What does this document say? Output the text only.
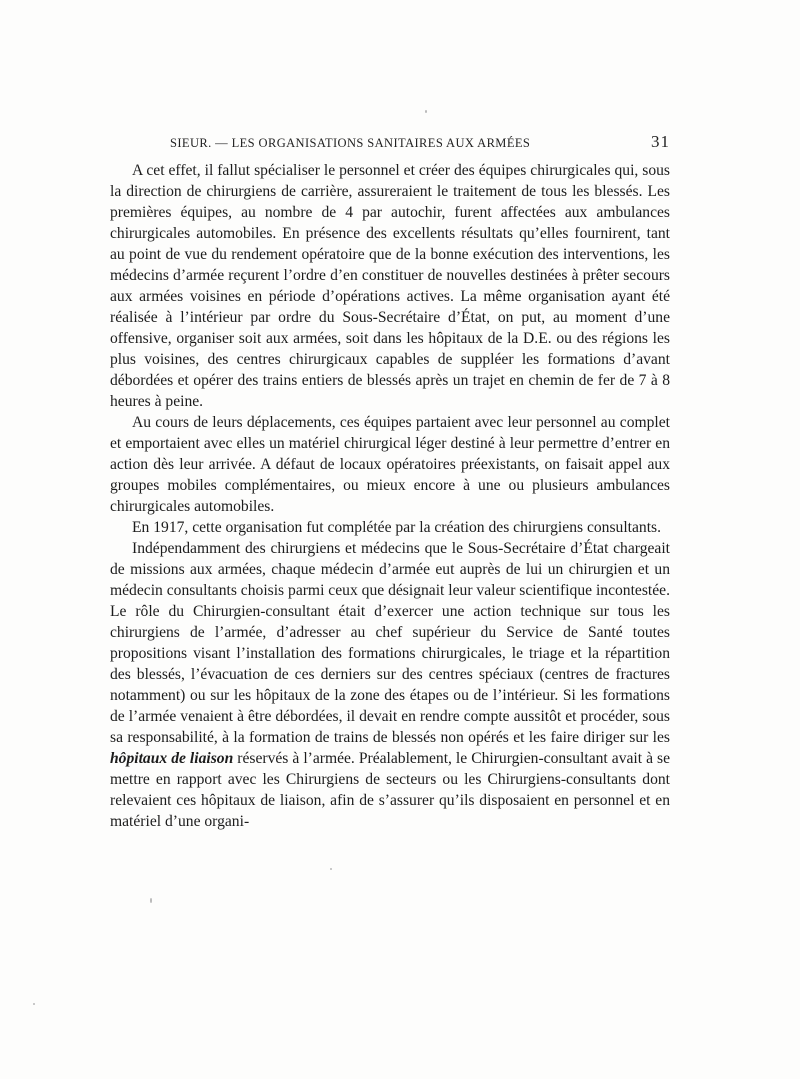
SIEUR. — LES ORGANISATIONS SANITAIRES AUX ARMÉES	31

A cet effet, il fallut spécialiser le personnel et créer des équipes chirurgicales qui, sous la direction de chirurgiens de carrière, assureraient le traitement de tous les blessés. Les premières équipes, au nombre de 4 par autochir, furent affectées aux ambulances chirurgicales automobiles. En présence des excellents résultats qu’elles fournirent, tant au point de vue du rendement opératoire que de la bonne exécution des interventions, les médecins d’armée reçurent l’ordre d’en constituer de nouvelles destinées à prêter secours aux armées voisines en période d’opérations actives. La même organisation ayant été réalisée à l’intérieur par ordre du Sous-Secrétaire d’État, on put, au moment d’une offensive, organiser soit aux armées, soit dans les hôpitaux de la D.E. ou des régions les plus voisines, des centres chirurgicaux capables de suppléer les formations d’avant débordées et opérer des trains entiers de blessés après un trajet en chemin de fer de 7 à 8 heures à peine.

Au cours de leurs déplacements, ces équipes partaient avec leur personnel au complet et emportaient avec elles un matériel chirurgical léger destiné à leur permettre d’entrer en action dès leur arrivée. A défaut de locaux opératoires préexistants, on faisait appel aux groupes mobiles complémentaires, ou mieux encore à une ou plusieurs ambulances chirurgicales automobiles.

En 1917, cette organisation fut complétée par la création des chirurgiens consultants.

Indépendamment des chirurgiens et médecins que le Sous-Secrétaire d’État chargeait de missions aux armées, chaque médecin d’armée eut auprès de lui un chirurgien et un médecin consultants choisis parmi ceux que désignait leur valeur scientifique incontestée. Le rôle du Chirurgien-consultant était d’exercer une action technique sur tous les chirurgiens de l’armée, d’adresser au chef supérieur du Service de Santé toutes propositions visant l’installation des formations chirurgicales, le triage et la répartition des blessés, l’évacuation de ces derniers sur des centres spéciaux (centres de fractures notamment) ou sur les hôpitaux de la zone des étapes ou de l’intérieur. Si les formations de l’armée venaient à être débordées, il devait en rendre compte aussitôt et procéder, sous sa responsabilité, à la formation de trains de blessés non opérés et les faire diriger sur les hôpitaux de liaison réservés à l’armée. Préalablement, le Chirurgien-consultant avait à se mettre en rapport avec les Chirurgiens de secteurs ou les Chirurgiens-consultants dont relevaient ces hôpitaux de liaison, afin de s’assurer qu’ils disposaient en personnel et en matériel d’une organi-
